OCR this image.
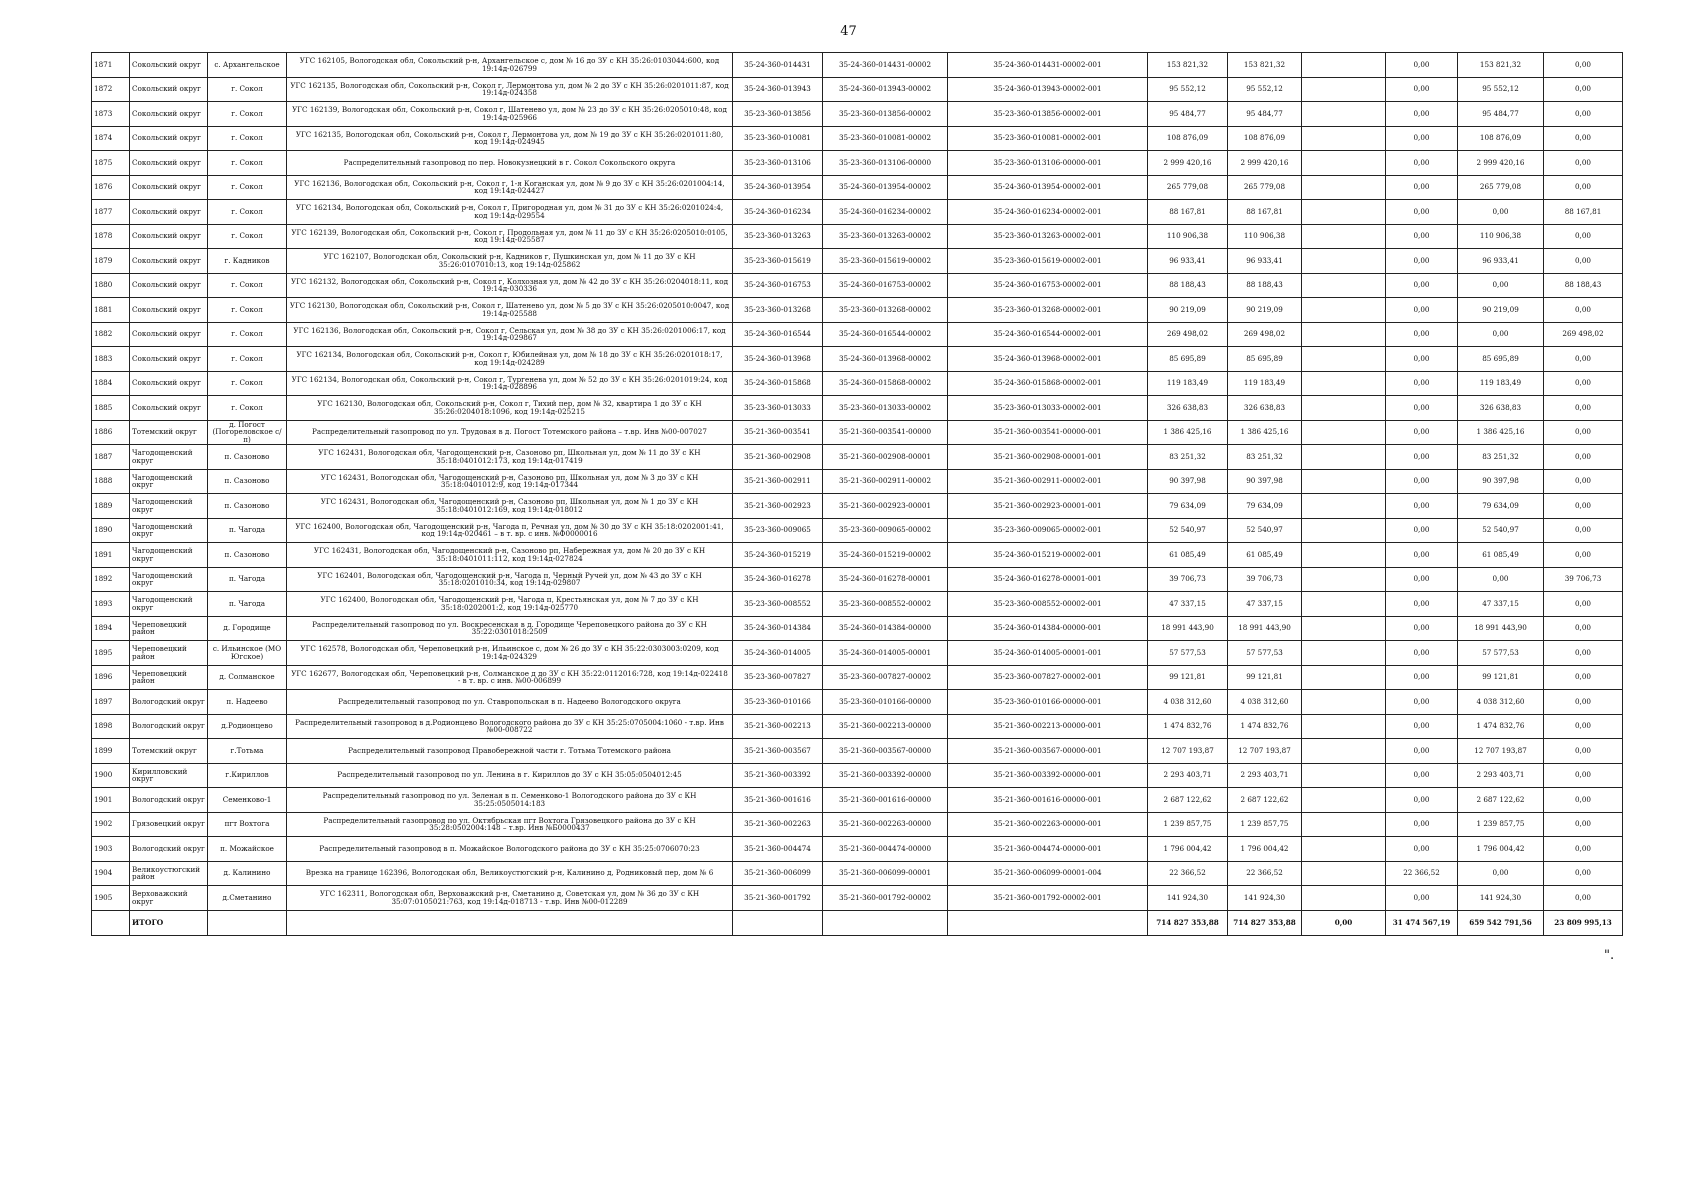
47
1871	Сокольский округ	с. Архангельское	УГС 162105, Вологодская обл, Сокольский р-н, Архангельское с, дом № 16 до ЗУ с КН 35:26:0103044:600, код 19:14д-026799	35-24-360-014431	35-24-360-014431-00002	35-24-360-014431-00002-001	153 821,32	153 821,32		0,00	153 821,32	0,00
1872	Сокольский округ	г. Сокол	УГС 162135, Вологодская обл, Сокольский р-н, Сокол г, Лермонтова ул, дом № 2 до ЗУ с КН 35:26:0201011:87, код 19:14д-024358	35-24-360-013943	35-24-360-013943-00002	35-24-360-013943-00002-001	95 552,12	95 552,12		0,00	95 552,12	0,00
1873	Сокольский округ	г. Сокол	УГС 162139, Вологодская обл, Сокольский р-н, Сокол г, Шатенево ул, дом № 23 до ЗУ с КН 35:26:0205010:48, код 19:14д-025966	35-23-360-013856	35-23-360-013856-00002	35-23-360-013856-00002-001	95 484,77	95 484,77		0,00	95 484,77	0,00
1874	Сокольский округ	г. Сокол	УГС 162135, Вологодская обл, Сокольский р-н, Сокол г, Лермонтова ул, дом № 19 до ЗУ с КН 35:26:0201011:80, код 19:14д-024945	35-23-360-010081	35-23-360-010081-00002	35-23-360-010081-00002-001	108 876,09	108 876,09		0,00	108 876,09	0,00
1875	Сокольский округ	г. Сокол	Распределительный газопровод по пер. Новокузнецкий в г. Сокол Сокольского округа	35-23-360-013106	35-23-360-013106-00000	35-23-360-013106-00000-001	2 999 420,16	2 999 420,16		0,00	2 999 420,16	0,00
1876	Сокольский округ	г. Сокол	УГС 162136, Вологодская обл, Сокольский р-н, Сокол г, 1-я Коганская ул, дом № 9 до ЗУ с КН 35:26:0201004:14, код 19:14д-024427	35-24-360-013954	35-24-360-013954-00002	35-24-360-013954-00002-001	265 779,08	265 779,08		0,00	265 779,08	0,00
1877	Сокольский округ	г. Сокол	УГС 162134, Вологодская обл, Сокольский р-н, Сокол г, Пригородная ул, дом № 31 до ЗУ с КН 35:26:0201024:4, код 19:14д-029554	35-24-360-016234	35-24-360-016234-00002	35-24-360-016234-00002-001	88 167,81	88 167,81		0,00	0,00	88 167,81
1878	Сокольский округ	г. Сокол	УГС 162139, Вологодская обл, Сокольский р-н, Сокол г, Продольная ул, дом № 11 до ЗУ с КН 35:26:0205010:0105, код 19:14д-025587	35-23-360-013263	35-23-360-013263-00002	35-23-360-013263-00002-001	110 906,38	110 906,38		0,00	110 906,38	0,00
1879	Сокольский округ	г. Кадников	УГС 162107, Вологодская обл, Сокольский р-н, Кадников г, Пушкинская ул, дом № 11 до ЗУ с КН 35:26:0107010:13, код 19:14д-025862	35-23-360-015619	35-23-360-015619-00002	35-23-360-015619-00002-001	96 933,41	96 933,41		0,00	96 933,41	0,00
1880	Сокольский округ	г. Сокол	УГС 162132, Вологодская обл, Сокольский р-н, Сокол г, Колхозная ул, дом № 42 до ЗУ с КН 35:26:0204018:11, код 19:14д-030336	35-24-360-016753	35-24-360-016753-00002	35-24-360-016753-00002-001	88 188,43	88 188,43		0,00	0,00	88 188,43
1881	Сокольский округ	г. Сокол	УГС 162130, Вологодская обл, Сокольский р-н, Сокол г, Шатенево ул, дом № 5 до ЗУ с КН 35:26:0205010:0047, код 19:14д-025588	35-23-360-013268	35-23-360-013268-00002	35-23-360-013268-00002-001	90 219,09	90 219,09		0,00	90 219,09	0,00
1882	Сокольский округ	г. Сокол	УГС 162136, Вологодская обл, Сокольский р-н, Сокол г, Сельская ул, дом № 38 до ЗУ с КН 35:26:0201006:17, код 19:14д-029867	35-24-360-016544	35-24-360-016544-00002	35-24-360-016544-00002-001	269 498,02	269 498,02		0,00	0,00	269 498,02
1883	Сокольский округ	г. Сокол	УГС 162134, Вологодская обл, Сокольский р-н, Сокол г, Юбилейная ул, дом № 18 до ЗУ с КН 35:26:0201018:17, код 19:14д-024289	35-24-360-013968	35-24-360-013968-00002	35-24-360-013968-00002-001	85 695,89	85 695,89		0,00	85 695,89	0,00
1884	Сокольский округ	г. Сокол	УГС 162134, Вологодская обл, Сокольский р-н, Сокол г, Тургенева ул, дом № 52 до ЗУ с КН 35:26:0201019:24, код 19:14д-028896	35-24-360-015868	35-24-360-015868-00002	35-24-360-015868-00002-001	119 183,49	119 183,49		0,00	119 183,49	0,00
1885	Сокольский округ	г. Сокол	УГС 162130, Вологодская обл, Сокольский р-н, Сокол г, Тихий пер, дом № 32, квартира 1 до ЗУ с КН 35:26:0204018:1096, код 19:14д-025215	35-23-360-013033	35-23-360-013033-00002	35-23-360-013033-00002-001	326 638,83	326 638,83		0,00	326 638,83	0,00
1886	Тотемский округ	д. Погост (Погореловское с/п)	Распределительный газопровод по ул. Трудовая в д. Погост Тотемского района – т.вр. Инв №00-007027	35-21-360-003541	35-21-360-003541-00000	35-21-360-003541-00000-001	1 386 425,16	1 386 425,16		0,00	1 386 425,16	0,00
1887	Чагодощенский округ	п. Сазоново	УГС 162431, Вологодская обл, Чагодощенский р-н, Сазоново рп, Школьная ул, дом № 11 до ЗУ с КН 35:18:0401012:173, код 19:14д-017419	35-21-360-002908	35-21-360-002908-00001	35-21-360-002908-00001-001	83 251,32	83 251,32		0,00	83 251,32	0,00
1888	Чагодощенский округ	п. Сазоново	УГС 162431, Вологодская обл, Чагодощенский р-н, Сазоново рп, Школьная ул, дом № 3 до ЗУ с КН 35:18:0401012:9, код 19:14д-017344	35-21-360-002911	35-21-360-002911-00002	35-21-360-002911-00002-001	90 397,98	90 397,98		0,00	90 397,98	0,00
1889	Чагодощенский округ	п. Сазоново	УГС 162431, Вологодская обл, Чагодощенский р-н, Сазоново рп, Школьная ул, дом № 1 до ЗУ с КН 35:18:0401012:169, код 19:14д-018012	35-21-360-002923	35-21-360-002923-00001	35-21-360-002923-00001-001	79 634,09	79 634,09		0,00	79 634,09	0,00
1890	Чагодощенский округ	п. Чагода	УГС 162400, Вологодская обл, Чагодощенский р-н, Чагода п, Речная ул, дом № 30 до ЗУ с КН 35:18:0202001:41, код 19:14д-020461 – в т. вр. с инв. №Ф0000016	35-23-360-009065	35-23-360-009065-00002	35-23-360-009065-00002-001	52 540,97	52 540,97		0,00	52 540,97	0,00
1891	Чагодощенский округ	п. Сазоново	УГС 162431, Вологодская обл, Чагодощенский р-н, Сазоново рп, Набережная ул, дом № 20 до ЗУ с КН 35:18:0401011:112, код 19:14д-027824	35-24-360-015219	35-24-360-015219-00002	35-24-360-015219-00002-001	61 085,49	61 085,49		0,00	61 085,49	0,00
1892	Чагодощенский округ	п. Чагода	УГС 162401, Вологодская обл, Чагодощенский р-н, Чагода п, Черный Ручей ул, дом № 43 до ЗУ с КН 35:18:0201010:34, код 19:14д-029807	35-24-360-016278	35-24-360-016278-00001	35-24-360-016278-00001-001	39 706,73	39 706,73		0,00	0,00	39 706,73
1893	Чагодощенский округ	п. Чагода	УГС 162400, Вологодская обл, Чагодощенский р-н, Чагода п, Крестьянская ул, дом № 7 до ЗУ с КН 35:18:0202001:2, код 19:14д-025770	35-23-360-008552	35-23-360-008552-00002	35-23-360-008552-00002-001	47 337,15	47 337,15		0,00	47 337,15	0,00
1894	Череповецкий район	д. Городище	Распределительный газопровод по ул. Воскресенская в д. Городище Череповецкого района до ЗУ с КН 35:22:0301018:2509	35-24-360-014384	35-24-360-014384-00000	35-24-360-014384-00000-001	18 991 443,90	18 991 443,90		0,00	18 991 443,90	0,00
1895	Череповецкий район	с. Ильинское (МО Югское)	УГС 162578, Вологодская обл, Череповецкий р-н, Ильинское с, дом № 26 до ЗУ с КН 35:22:0303003:0209, код 19:14д-024329	35-24-360-014005	35-24-360-014005-00001	35-24-360-014005-00001-001	57 577,53	57 577,53		0,00	57 577,53	0,00
1896	Череповецкий район	д. Солманское	УГС 162677, Вологодская обл, Череповецкий р-н, Солманское д до ЗУ с КН 35:22:0112016:728, код 19:14д-022418 - в т. вр. с инв. №00-006899	35-23-360-007827	35-23-360-007827-00002	35-23-360-007827-00002-001	99 121,81	99 121,81		0,00	99 121,81	0,00
1897	Вологодский округ	п. Надеево	Распределительный газопровод по ул. Ставропольская в п. Надеево Вологодского округа	35-23-360-010166	35-23-360-010166-00000	35-23-360-010166-00000-001	4 038 312,60	4 038 312,60		0,00	4 038 312,60	0,00
1898	Вологодский округ	д.Родионцево	Распределительный газопровод в д.Родионцево Вологодского района до ЗУ с КН 35:25:0705004:1060 - т.вр. Инв №00-008722	35-21-360-002213	35-21-360-002213-00000	35-21-360-002213-00000-001	1 474 832,76	1 474 832,76		0,00	1 474 832,76	0,00
1899	Тотемский округ	г.Тотьма	Распределительный газопровод Правобережной части г. Тотьма Тотемского района	35-21-360-003567	35-21-360-003567-00000	35-21-360-003567-00000-001	12 707 193,87	12 707 193,87		0,00	12 707 193,87	0,00
1900	Кирилловский округ	г.Кириллов	Распределительный газопровод по ул. Ленина в г. Кириллов до ЗУ с КН 35:05:0504012:45	35-21-360-003392	35-21-360-003392-00000	35-21-360-003392-00000-001	2 293 403,71	2 293 403,71		0,00	2 293 403,71	0,00
1901	Вологодский округ	Семенково-1	Распределительный газопровод по ул. Зеленая в п. Семенково-1 Вологодского района до ЗУ с КН 35:25:0505014:183	35-21-360-001616	35-21-360-001616-00000	35-21-360-001616-00000-001	2 687 122,62	2 687 122,62		0,00	2 687 122,62	0,00
1902	Грязовецкий округ	пгт Вохтога	Распределительный газопровод по ул. Октябрьская пгт Вохтога Грязовецкого района до ЗУ с КН 35:28:0502004:148 – т.вр. Инв №Б0000437	35-21-360-002263	35-21-360-002263-00000	35-21-360-002263-00000-001	1 239 857,75	1 239 857,75		0,00	1 239 857,75	0,00
1903	Вологодский округ	п. Можайское	Распределительный газопровод в п. Можайское Вологодского района до ЗУ с КН 35:25:0706070:23	35-21-360-004474	35-21-360-004474-00000	35-21-360-004474-00000-001	1 796 004,42	1 796 004,42		0,00	1 796 004,42	0,00
1904	Великоустюгский район	д. Калинино	Врезка на границе 162396, Вологодская обл, Великоустюгский р-н, Калинино д, Родниковый пер, дом № 6	35-21-360-006099	35-21-360-006099-00001	35-21-360-006099-00001-004	22 366,52	22 366,52		22 366,52	0,00	0,00
1905	Верховажский округ	д.Сметанино	УГС 162311, Вологодская обл, Верховажский р-н, Сметанино д, Советская ул, дом № 36 до ЗУ с КН 35:07:0105021:763, код 19:14д-018713 - т.вр. Инв №00-012289	35-21-360-001792	35-21-360-001792-00002	35-21-360-001792-00002-001	141 924,30	141 924,30		0,00	141 924,30	0,00
	ИТОГО						714 827 353,88	714 827 353,88	0,00	31 474 567,19	659 542 791,56	23 809 995,13
".
